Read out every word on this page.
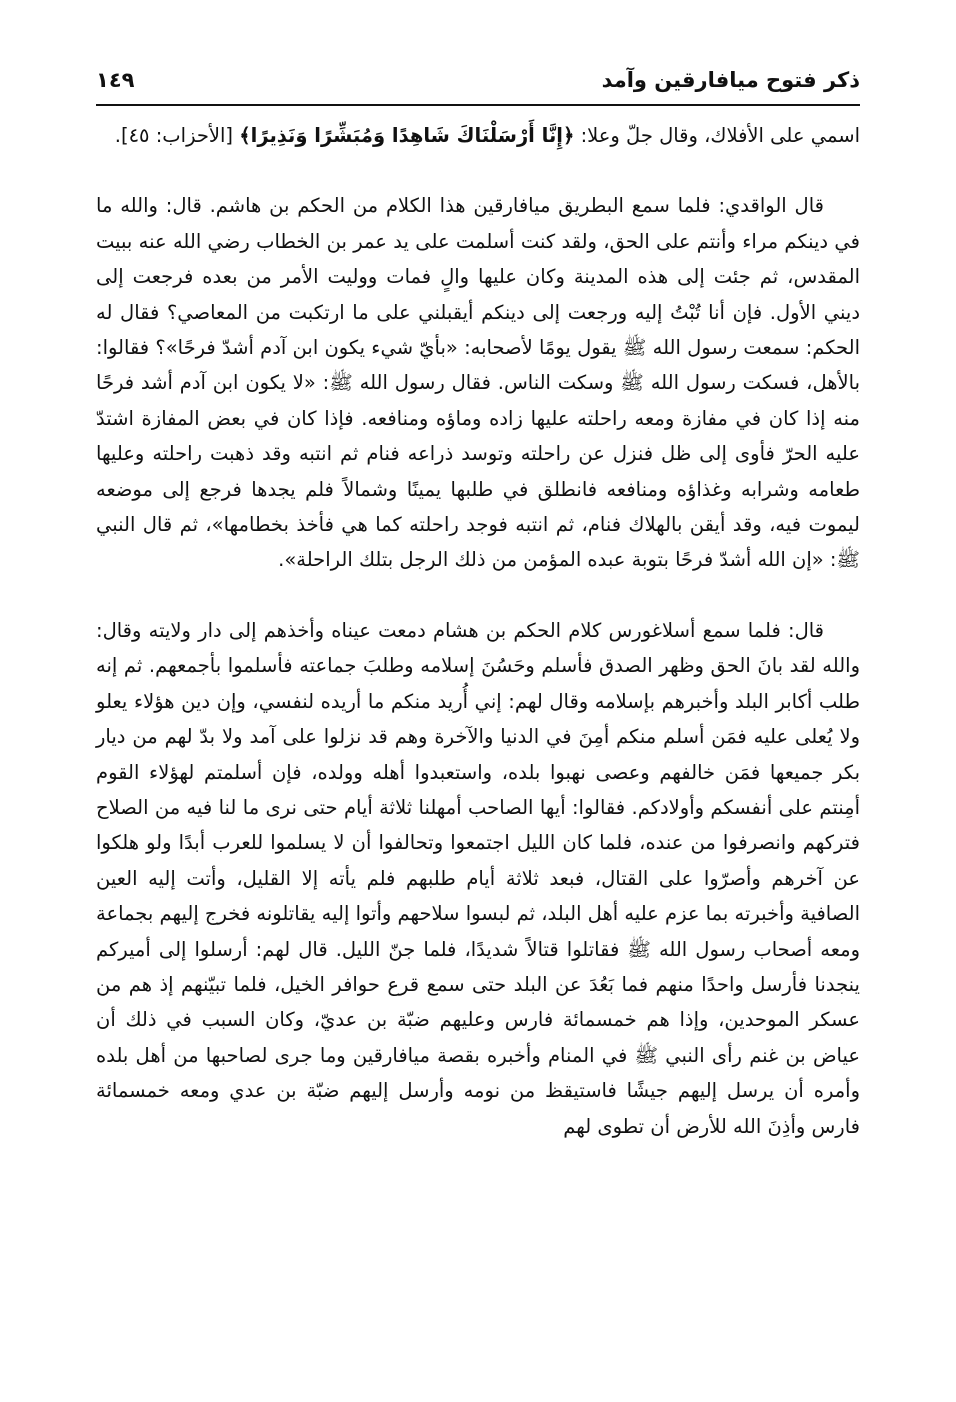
ذكر فتوح ميافارقين وآمد
١٤٩

اسمي على الأفلاك، وقال جلّ وعلا: ﴿إِنَّا أَرْسَلْنَاكَ شَاهِدًا وَمُبَشِّرًا وَنَذِيرًا﴾ [الأحزاب: ٤٥].

قال الواقدي: فلما سمع البطريق ميافارقين هذا الكلام من الحكم بن هاشم. قال: والله ما في دينكم مراء وأنتم على الحق، ولقد كنت أسلمت على يد عمر بن الخطاب رضي الله عنه ببيت المقدس، ثم جئت إلى هذه المدينة وكان عليها والٍ فمات ووليت الأمر من بعده فرجعت إلى ديني الأول. فإن أنا تُبْتُ إليه ورجعت إلى دينكم أيقبلني على ما ارتكبت من المعاصي؟ فقال له الحكم: سمعت رسول الله ﷺ يقول يومًا لأصحابه: «بأيّ شيء يكون ابن آدم أشدّ فرحًا»؟ فقالوا: بالأهل، فسكت رسول الله ﷺ وسكت الناس. فقال رسول الله ﷺ: «لا يكون ابن آدم أشد فرحًا منه إذا كان في مفازة ومعه راحلته عليها زاده وماؤه ومنافعه. فإذا كان في بعض المفازة اشتدّ عليه الحرّ فأوى إلى ظل فنزل عن راحلته وتوسد ذراعه فنام ثم انتبه وقد ذهبت راحلته وعليها طعامه وشرابه وغذاؤه ومنافعه فانطلق في طلبها يمينًا وشمالاً فلم يجدها فرجع إلى موضعه ليموت فيه، وقد أيقن بالهلاك فنام، ثم انتبه فوجد راحلته كما هي فأخذ بخطامها»، ثم قال النبي ﷺ: «إن الله أشدّ فرحًا بتوبة عبده المؤمن من ذلك الرجل بتلك الراحلة».

قال: فلما سمع أسلاغورس كلام الحكم بن هشام دمعت عيناه وأخذهم إلى دار ولايته وقال: والله لقد بانَ الحق وظهر الصدق فأسلم وحَسُنَ إسلامه وطلبَ جماعته فأسلموا بأجمعهم. ثم إنه طلب أكابر البلد وأخبرهم بإسلامه وقال لهم: إني أُريد منكم ما أريده لنفسي، وإن دين هؤلاء يعلو ولا يُعلى عليه فمَن أسلم منكم أمِنَ في الدنيا والآخرة وهم قد نزلوا على آمد ولا بدّ لهم من ديار بكر جميعها فمَن خالفهم وعصى نهبوا بلده، واستعبدوا أهله وولده، فإن أسلمتم لهؤلاء القوم أمِنتم على أنفسكم وأولادكم. فقالوا: أيها الصاحب أمهلنا ثلاثة أيام حتى نرى ما لنا فيه من الصلاح فتركهم وانصرفوا من عنده، فلما كان الليل اجتمعوا وتحالفوا أن لا يسلموا للعرب أبدًا ولو هلكوا عن آخرهم وأصرّوا على القتال، فبعد ثلاثة أيام طلبهم فلم يأته إلا القليل، وأتت إليه العين الصافية وأخبرته بما عزم عليه أهل البلد، ثم لبسوا سلاحهم وأتوا إليه يقاتلونه فخرج إليهم بجماعة ومعه أصحاب رسول الله ﷺ فقاتلوا قتالاً شديدًا، فلما جنّ الليل. قال لهم: أرسلوا إلى أميركم ينجدنا فأرسل واحدًا منهم فما بَعُدَ عن البلد حتى سمع قرع حوافر الخيل، فلما تبيّنهم إذ هم من عسكر الموحدين، وإذا هم خمسمائة فارس وعليهم ضبّة بن عديّ، وكان السبب في ذلك أن عياض بن غنم رأى النبي ﷺ في المنام وأخبره بقصة ميافارقين وما جرى لصاحبها من أهل بلده وأمره أن يرسل إليهم جيشًا فاستيقظ من نومه وأرسل إليهم ضبّة بن عدي ومعه خمسمائة فارس وأذِنَ الله للأرض أن تطوى لهم
